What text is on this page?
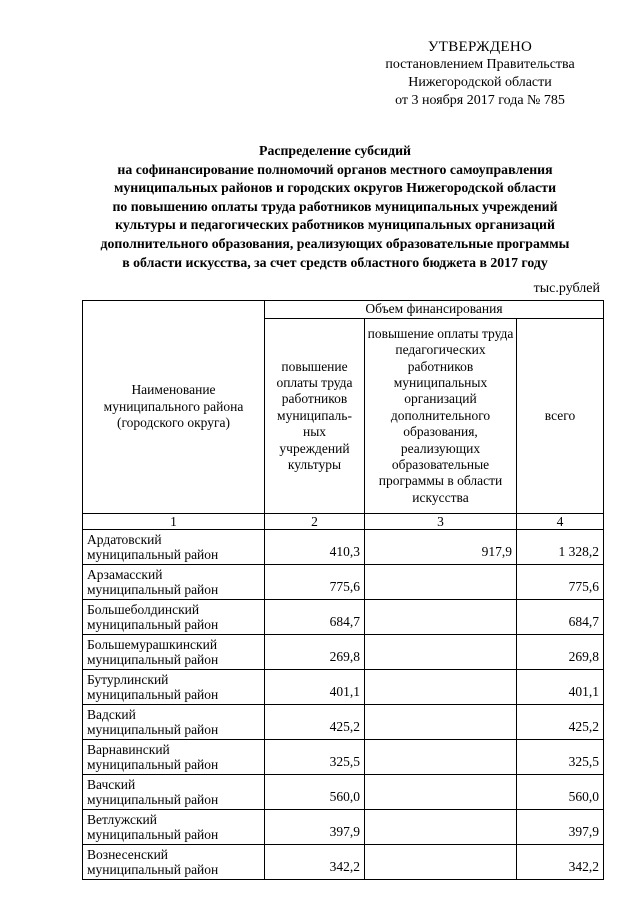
УТВЕРЖДЕНО
постановлением Правительства
Нижегородской области
от 3 ноября 2017 года № 785
Распределение субсидий
на софинансирование полномочий органов местного самоуправления
муниципальных районов и городских округов Нижегородской области
по повышению оплаты труда работников муниципальных учреждений
культуры и педагогических работников муниципальных организаций
дополнительного образования, реализующих образовательные программы
в области искусства, за счет средств областного бюджета в 2017 году
тыс.рублей
Наименование муниципального района (городского округа)	Объем финансирования		
	повышение оплаты труда работников муниципаль-ных учреждений культуры	повышение оплаты труда педагогических работников муниципальных организаций дополнительного образования, реализующих образовательные программы в области искусства	всего
1	2	3	4

Ардатовский
муниципальный район	410,3	917,9	1 328,2

Арзамасский
муниципальный район	775,6		775,6

Большеболдинский
муниципальный район	684,7		684,7

Большемурашкинский
муниципальный район	269,8		269,8

Бутурлинский
муниципальный район	401,1		401,1

Вадский
муниципальный район	425,2		425,2

Варнавинский
муниципальный район	325,5		325,5

Вачский
муниципальный район	560,0		560,0

Ветлужский
муниципальный район	397,9		397,9

Вознесенский
муниципальный район	342,2		342,2
